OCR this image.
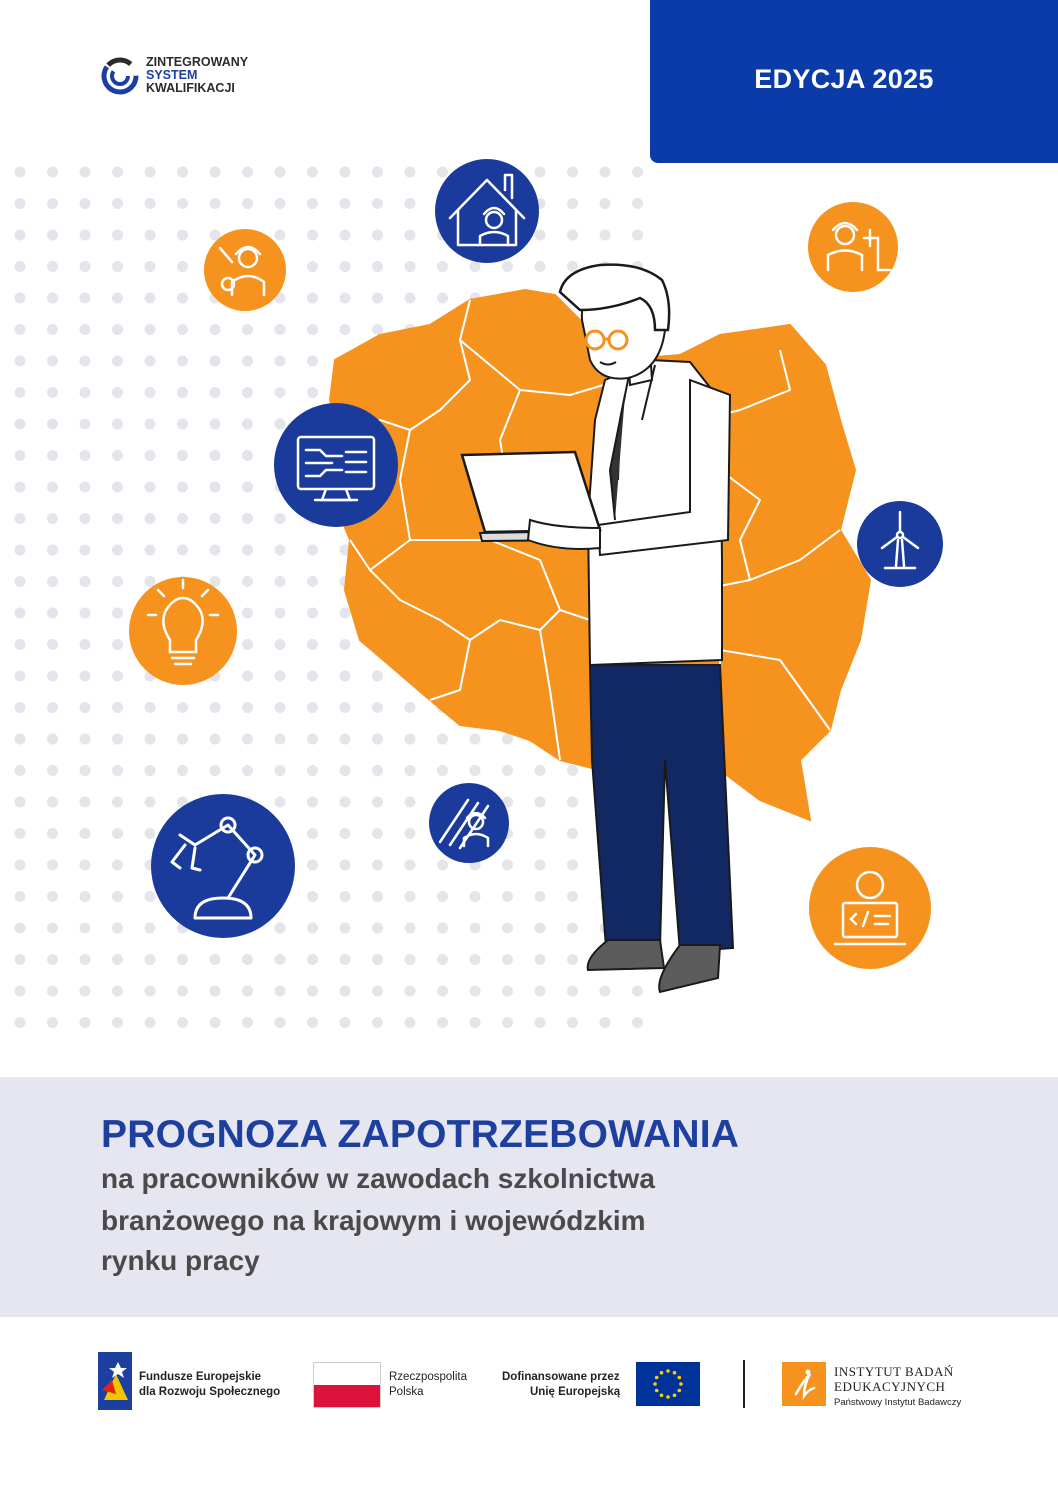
EDYCJA 2025
ZINTEGROWANY
SYSTEM
KWALIFIKACJI
PROGNOZA ZAPOTRZEBOWANIA
na pracowników w zawodach szkolnictwa
branżowego na krajowym i wojewódzkim
rynku pracy
Fundusze Europejskie
dla Rozwoju Społecznego
Rzeczpospolita
Polska
Dofinansowane przez
Unię Europejską
INSTYTUT BADAŃ
EDUKACYJNYCH
Państwowy Instytut Badawczy
